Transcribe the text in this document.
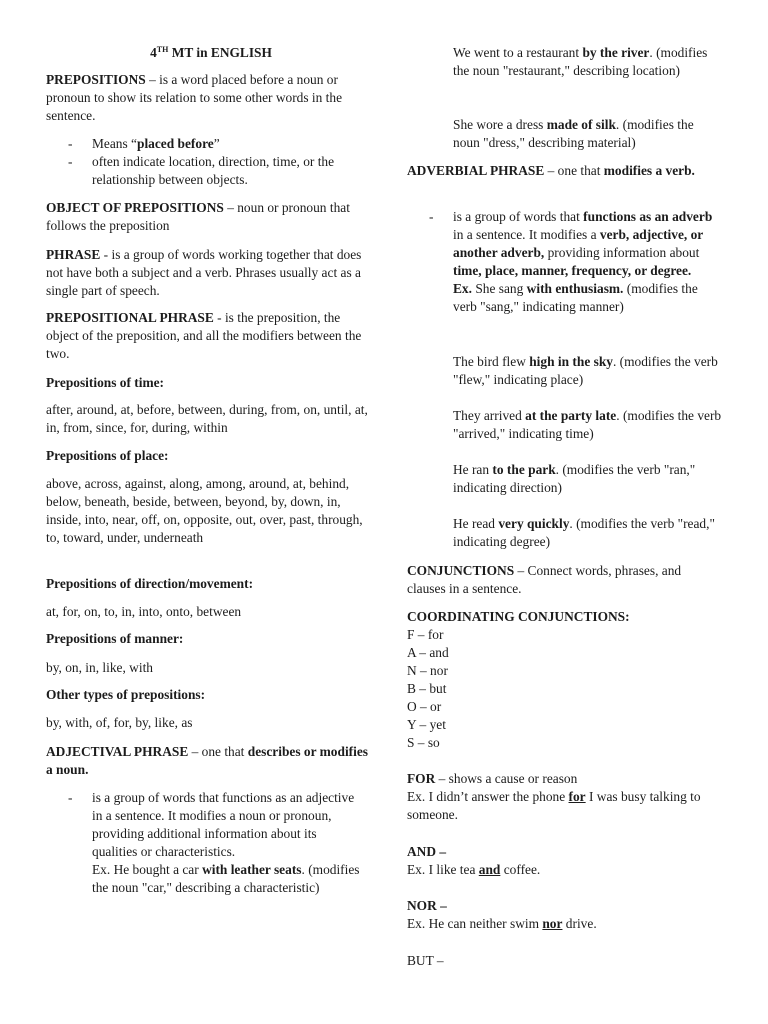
4TH MT in ENGLISH
PREPOSITIONS – is a word placed before a noun or pronoun to show its relation to some other words in the sentence.
- Means “placed before”
- often indicate location, direction, time, or the relationship between objects.
OBJECT OF PREPOSITIONS – noun or pronoun that follows the preposition
PHRASE - is a group of words working together that does not have both a subject and a verb. Phrases usually act as a single part of speech.
PREPOSITIONAL PHRASE - is the preposition, the object of the preposition, and all the modifiers between the two.
Prepositions of time:
after, around, at, before, between, during, from, on, until, at, in, from, since, for, during, within
Prepositions of place:
above, across, against, along, among, around, at, behind, below, beneath, beside, between, beyond, by, down, in, inside, into, near, off, on, opposite, out, over, past, through, to, toward, under, underneath
Prepositions of direction/movement:
at, for, on, to, in, into, onto, between
Prepositions of manner:
by, on, in, like, with
Other types of prepositions:
by, with, of, for, by, like, as
ADJECTIVAL PHRASE – one that describes or modifies a noun.
- is a group of words that functions as an adjective in a sentence. It modifies a noun or pronoun, providing additional information about its qualities or characteristics.
Ex. He bought a car with leather seats. (modifies the noun "car," describing a characteristic)
We went to a restaurant by the river. (modifies the noun "restaurant," describing location)
She wore a dress made of silk. (modifies the noun "dress," describing material)
ADVERBIAL PHRASE – one that modifies a verb.
- is a group of words that functions as an adverb in a sentence. It modifies a verb, adjective, or another adverb, providing information about time, place, manner, frequency, or degree.
Ex. She sang with enthusiasm. (modifies the verb "sang," indicating manner)
The bird flew high in the sky. (modifies the verb "flew," indicating place)
They arrived at the party late. (modifies the verb "arrived," indicating time)
He ran to the park. (modifies the verb "ran," indicating direction)
He read very quickly. (modifies the verb "read," indicating degree)
CONJUNCTIONS – Connect words, phrases, and clauses in a sentence.
COORDINATING CONJUNCTIONS:
F – for
A – and
N – nor
B – but
O – or
Y – yet
S – so
FOR – shows a cause or reason
Ex. I didn’t answer the phone for I was busy talking to someone.
AND –
Ex. I like tea and coffee.
NOR –
Ex. He can neither swim nor drive.
BUT –
